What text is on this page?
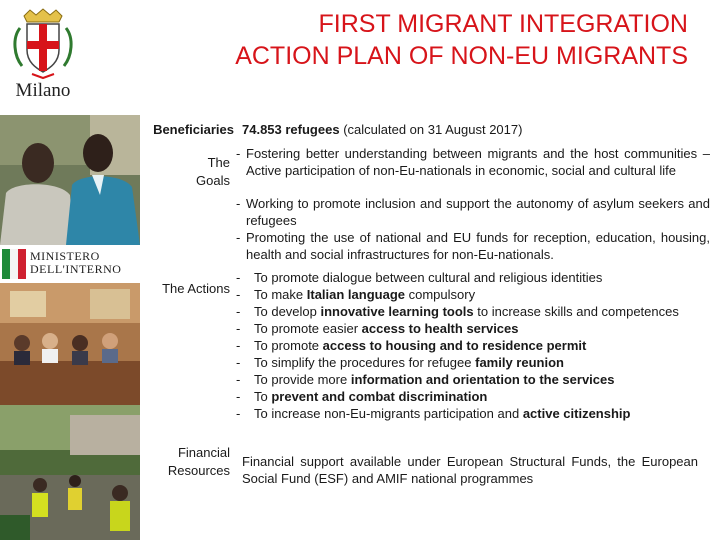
Milano
FIRST MIGRANT INTEGRATION
ACTION PLAN OF NON-EU MIGRANTS
MINISTERO
DELL'INTERNO
Beneficiaries 74.853 refugees (calculated on 31 August 2017)
The
Goals
- Fostering better understanding between migrants and the host communities – Active participation of non-Eu-nationals in economic, social and cultural life
- Working to promote inclusion and support the autonomy of asylum seekers and refugees
- Promoting the use of national and EU funds for reception, education, housing, health and social infrastructures for non-Eu-nationals.
The Actions
- To promote dialogue between cultural and religious identities
- To make Italian language compulsory
- To develop innovative learning tools to increase skills and competences
- To promote easier access to health services
- To promote access to housing and to residence permit
- To simplify the procedures for refugee family reunion
- To provide more information and orientation to the services
- To prevent and combat discrimination
- To increase non-Eu-migrants participation and active citizenship
Financial
Resources
Financial support available under European Structural Funds, the European Social Fund (ESF) and AMIF national programmes
